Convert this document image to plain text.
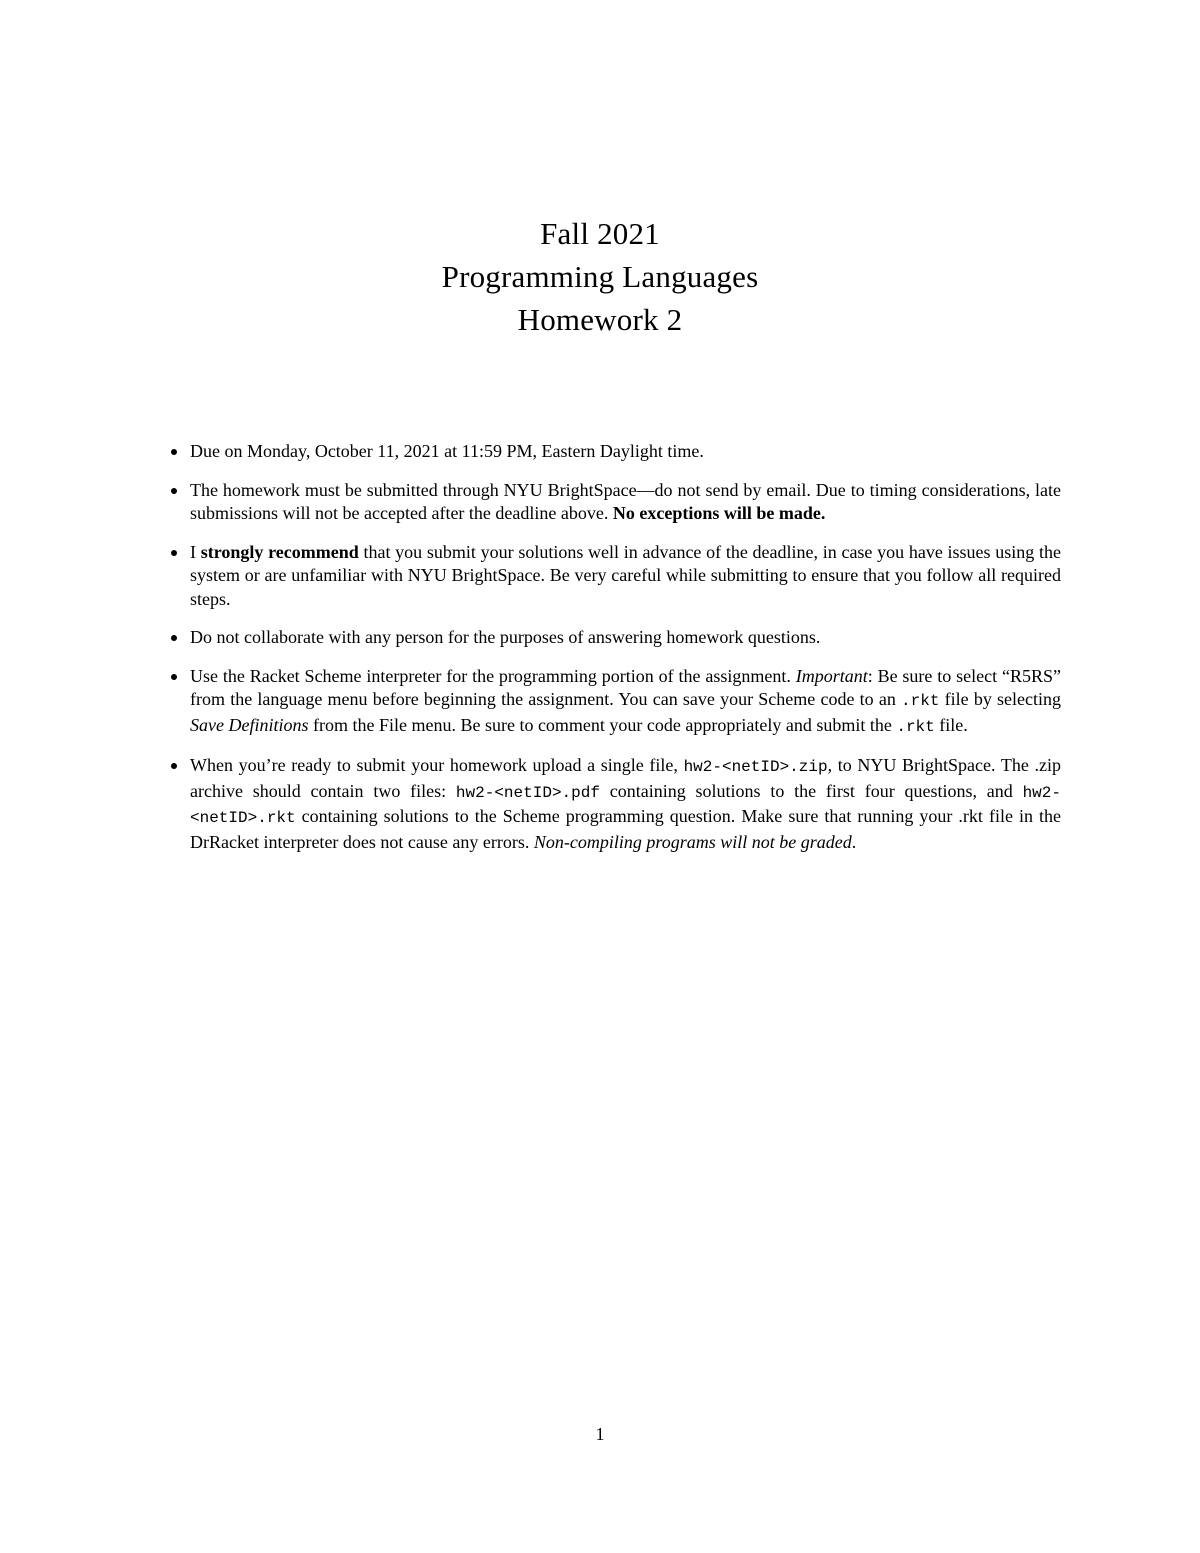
Fall 2021
Programming Languages
Homework 2
Due on Monday, October 11, 2021 at 11:59 PM, Eastern Daylight time.
The homework must be submitted through NYU BrightSpace—do not send by email. Due to timing considerations, late submissions will not be accepted after the deadline above. No exceptions will be made.
I strongly recommend that you submit your solutions well in advance of the deadline, in case you have issues using the system or are unfamiliar with NYU BrightSpace. Be very careful while submitting to ensure that you follow all required steps.
Do not collaborate with any person for the purposes of answering homework questions.
Use the Racket Scheme interpreter for the programming portion of the assignment. Important: Be sure to select “R5RS” from the language menu before beginning the assignment. You can save your Scheme code to an .rkt file by selecting Save Definitions from the File menu. Be sure to comment your code appropriately and submit the .rkt file.
When you’re ready to submit your homework upload a single file, hw2-<netID>.zip, to NYU BrightSpace. The .zip archive should contain two files: hw2-<netID>.pdf containing solutions to the first four questions, and hw2-<netID>.rkt containing solutions to the Scheme programming question. Make sure that running your .rkt file in the DrRacket interpreter does not cause any errors. Non-compiling programs will not be graded.
1
